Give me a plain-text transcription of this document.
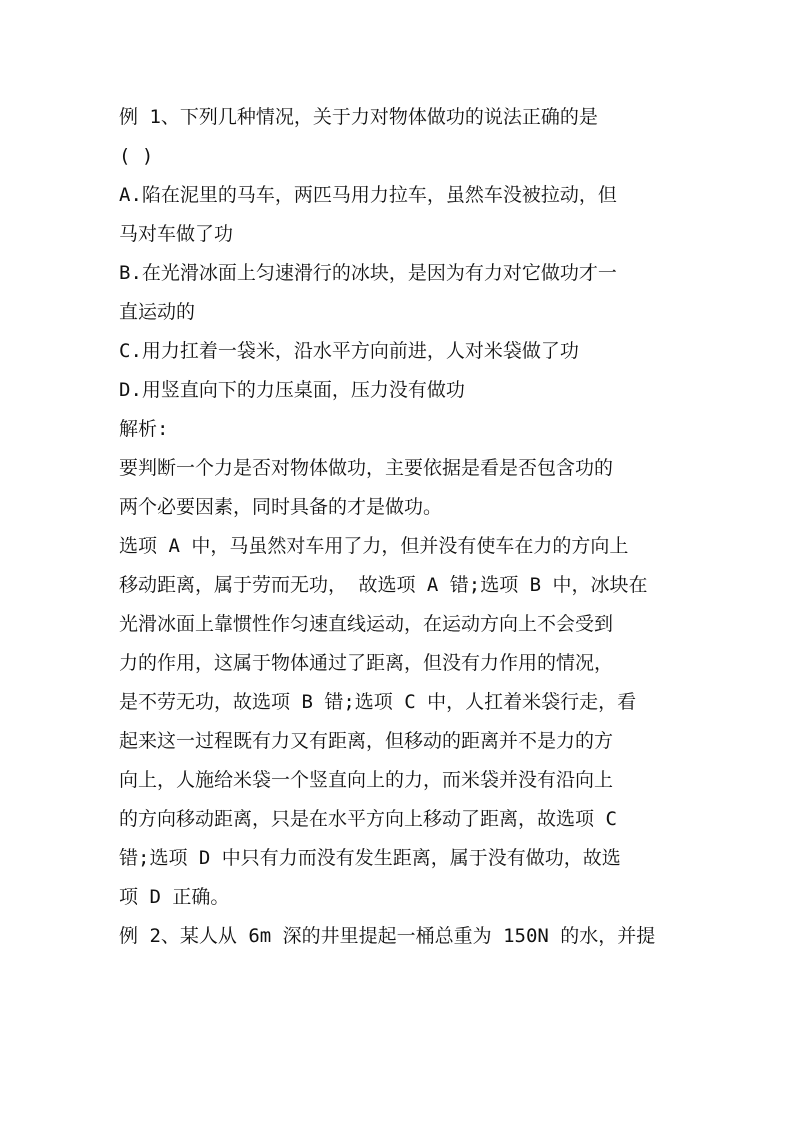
例 1、下列几种情况，关于力对物体做功的说法正确的是
( )
A.陷在泥里的马车，两匹马用力拉车，虽然车没被拉动，但
马对车做了功
B.在光滑冰面上匀速滑行的冰块，是因为有力对它做功才一
直运动的
C.用力扛着一袋米，沿水平方向前进，人对米袋做了功
D.用竖直向下的力压桌面，压力没有做功
解析:
要判断一个力是否对物体做功，主要依据是看是否包含功的
两个必要因素，同时具备的才是做功。
选项 A 中，马虽然对车用了力，但并没有使车在力的方向上
移动距离，属于劳而无功， 故选项 A 错;选项 B 中，冰块在
光滑冰面上靠惯性作匀速直线运动，在运动方向上不会受到
力的作用，这属于物体通过了距离，但没有力作用的情况，
是不劳无功，故选项 B 错;选项 C 中，人扛着米袋行走，看
起来这一过程既有力又有距离，但移动的距离并不是力的方
向上，人施给米袋一个竖直向上的力，而米袋并没有沿向上
的方向移动距离，只是在水平方向上移动了距离，故选项 C
错;选项 D 中只有力而没有发生距离，属于没有做功，故选
项 D 正确。
例 2、某人从 6m 深的井里提起一桶总重为 150N 的水，并提
